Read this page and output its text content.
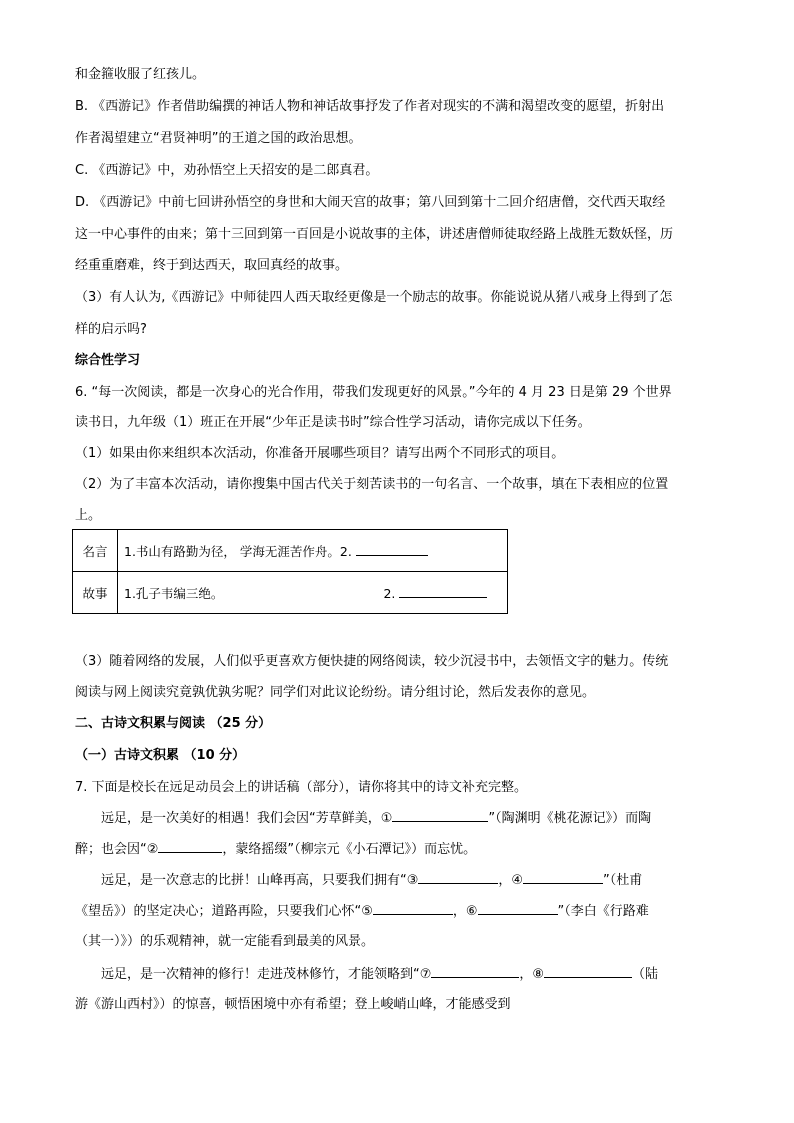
和金箍收服了红孩儿。
B. 《西游记》作者借助编撰的神话人物和神话故事抒发了作者对现实的不满和渴望改变的愿望，折射出
作者渴望建立“君贤神明”的王道之国的政治思想。
C. 《西游记》中，劝孙悟空上天招安的是二郎真君。
D. 《西游记》中前七回讲孙悟空的身世和大闹天宫的故事；第八回到第十二回介绍唐僧，交代西天取经
这一中心事件的由来；第十三回到第一百回是小说故事的主体，讲述唐僧师徒取经路上战胜无数妖怪，历
经重重磨难，终于到达西天，取回真经的故事。
（3）有人认为,《西游记》中师徒四人西天取经更像是一个励志的故事。你能说说从猪八戒身上得到了怎
样的启示吗?
综合性学习
6. “每一次阅读，都是一次身心的光合作用，带我们发现更好的风景。”今年的 4 月 23 日是第 29 个世界
读书日，九年级（1）班正在开展“少年正是读书时”综合性学习活动，请你完成以下任务。
（1）如果由你来组织本次活动，你准备开展哪些项目？请写出两个不同形式的项目。
（2）为了丰富本次活动，请你搜集中国古代关于刻苦读书的一句名言、一个故事，填在下表相应的位置
上。
名言	1.书山有路勤为径， 学海无涯苦作舟。2.
故事	1.孔子韦编三绝。 2.
（3）随着网络的发展，人们似乎更喜欢方便快捷的网络阅读，较少沉浸书中，去领悟文字的魅力。传统
阅读与网上阅读究竟孰优孰劣呢？同学们对此议论纷纷。请分组讨论，然后发表你的意见。
二、古诗文积累与阅读 （25 分）
（一）古诗文积累 （10 分）
7. 下面是校长在远足动员会上的讲话稿（部分），请你将其中的诗文补充完整。
远足，是一次美好的相遇！我们会因“芳草鲜美，①	”（陶渊明《桃花源记》）而陶
醉；也会因“②	，蒙络摇缀”（柳宗元《小石潭记》）而忘忧。
远足，是一次意志的比拼！山峰再高，只要我们拥有“③	，④	”（杜甫
《望岳》）的坚定决心；道路再险，只要我们心怀“⑤	，⑥	”（李白《行路难
（其一）》）的乐观精神，就一定能看到最美的风景。
远足，是一次精神的修行！走进茂林修竹，才能领略到“⑦	，⑧	（陆
游《游山西村》）的惊喜，顿悟困境中亦有希望；登上峻峭山峰，才能感受到
